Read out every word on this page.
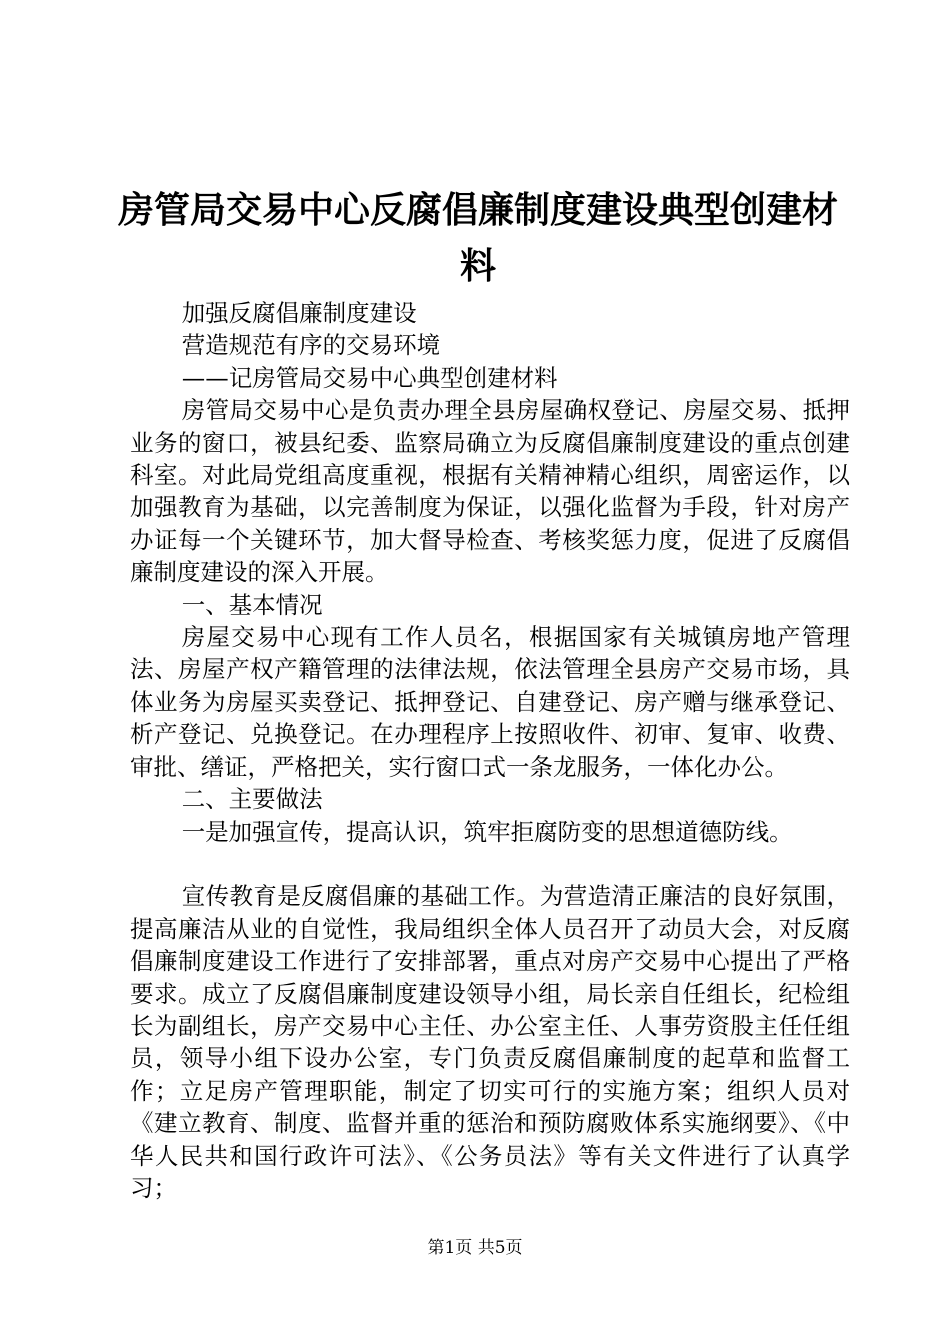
房管局交易中心反腐倡廉制度建设典型创建材料

加强反腐倡廉制度建设

营造规范有序的交易环境

——记房管局交易中心典型创建材料

房管局交易中心是负责办理全县房屋确权登记、房屋交易、抵押业务的窗口，被县纪委、监察局确立为反腐倡廉制度建设的重点创建科室。对此局党组高度重视，根据有关精神精心组织，周密运作，以加强教育为基础，以完善制度为保证，以强化监督为手段，针对房产办证每一个关键环节，加大督导检查、考核奖惩力度，促进了反腐倡廉制度建设的深入开展。

一、基本情况

房屋交易中心现有工作人员名，根据国家有关城镇房地产管理法、房屋产权产籍管理的法律法规，依法管理全县房产交易市场，具体业务为房屋买卖登记、抵押登记、自建登记、房产赠与继承登记、析产登记、兑换登记。在办理程序上按照收件、初审、复审、收费、审批、缮证，严格把关，实行窗口式一条龙服务，一体化办公。

二、主要做法

一是加强宣传，提高认识，筑牢拒腐防变的思想道德防线。

宣传教育是反腐倡廉的基础工作。为营造清正廉洁的良好氛围，提高廉洁从业的自觉性，我局组织全体人员召开了动员大会，对反腐倡廉制度建设工作进行了安排部署，重点对房产交易中心提出了严格要求。成立了反腐倡廉制度建设领导小组，局长亲自任组长，纪检组长为副组长，房产交易中心主任、办公室主任、人事劳资股主任任组员，领导小组下设办公室，专门负责反腐倡廉制度的起草和监督工作；立足房产管理职能，制定了切实可行的实施方案；组织人员对《建立教育、制度、监督并重的惩治和预防腐败体系实施纲要》、《中华人民共和国行政许可法》、《公务员法》等有关文件进行了认真学习；

第1页 共5页
